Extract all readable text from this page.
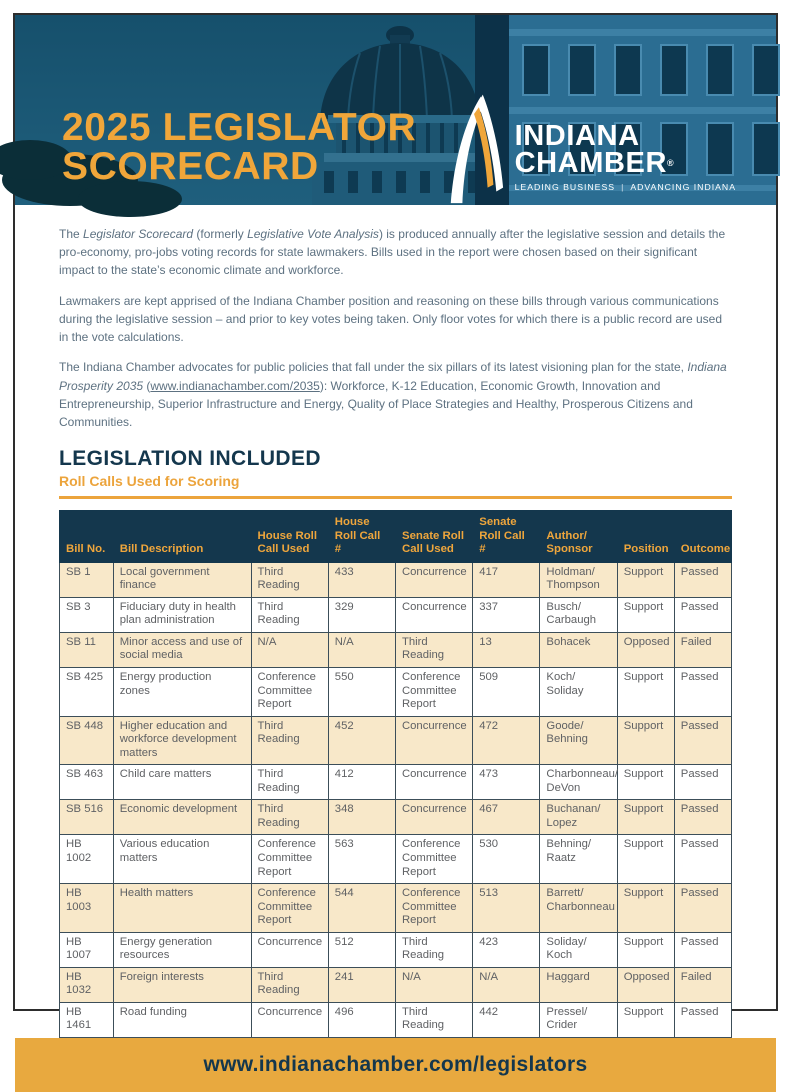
2025 LEGISLATOR
SCORECARD
INDIANA
CHAMBER®
LEADING BUSINESS | ADVANCING INDIANA

The Legislator Scorecard (formerly Legislative Vote Analysis) is produced annually after the legislative session and details the pro-economy, pro-jobs voting records for state lawmakers. Bills used in the report were chosen based on their significant impact to the state’s economic climate and workforce.

Lawmakers are kept apprised of the Indiana Chamber position and reasoning on these bills through various communications during the legislative session – and prior to key votes being taken. Only floor votes for which there is a public record are used in the vote calculations.

The Indiana Chamber advocates for public policies that fall under the six pillars of its latest visioning plan for the state, Indiana Prosperity 2035 (www.indianachamber.com/2035): Workforce, K-12 Education, Economic Growth, Innovation and Entrepreneurship, Superior Infrastructure and Energy, Quality of Place Strategies and Healthy, Prosperous Citizens and Communities.

LEGISLATION INCLUDED
Roll Calls Used for Scoring
Bill No.	Bill Description	House Roll Call Used	House Roll Call #	Senate Roll Call Used	Senate Roll Call #	Author/​Sponsor	Position	Outcome
SB 1	Local government finance	Third Reading	433	Concurrence	417	Holdman/​Thompson	Support	Passed
SB 3	Fiduciary duty in health plan administration	Third Reading	329	Concurrence	337	Busch/​Carbaugh	Support	Passed
SB 11	Minor access and use of social media	N/​A	N/​A	Third Reading	13	Bohacek	Opposed	Failed
SB 425	Energy production zones	Conference Committee Report	550	Conference Committee Report	509	Koch/​Soliday	Support	Passed
SB 448	Higher education and workforce development matters	Third Reading	452	Concurrence	472	Goode/​Behning	Support	Passed
SB 463	Child care matters	Third Reading	412	Concurrence	473	Charbonneau/​DeVon	Support	Passed
SB 516	Economic development	Third Reading	348	Concurrence	467	Buchanan/​Lopez	Support	Passed
HB 1002	Various education matters	Conference Committee Report	563	Conference Committee Report	530	Behning/​Raatz	Support	Passed
HB 1003	Health matters	Conference Committee Report	544	Conference Committee Report	513	Barrett/​Charbonneau	Support	Passed
HB 1007	Energy generation resources	Concurrence	512	Third Reading	423	Soliday/​Koch	Support	Passed
HB 1032	Foreign interests	Third Reading	241	N/​A	N/​A	Haggard	Opposed	Failed
HB 1461	Road funding	Concurrence	496	Third Reading	442	Pressel/​Crider	Support	Passed
www.indianachamber.com/legislators
